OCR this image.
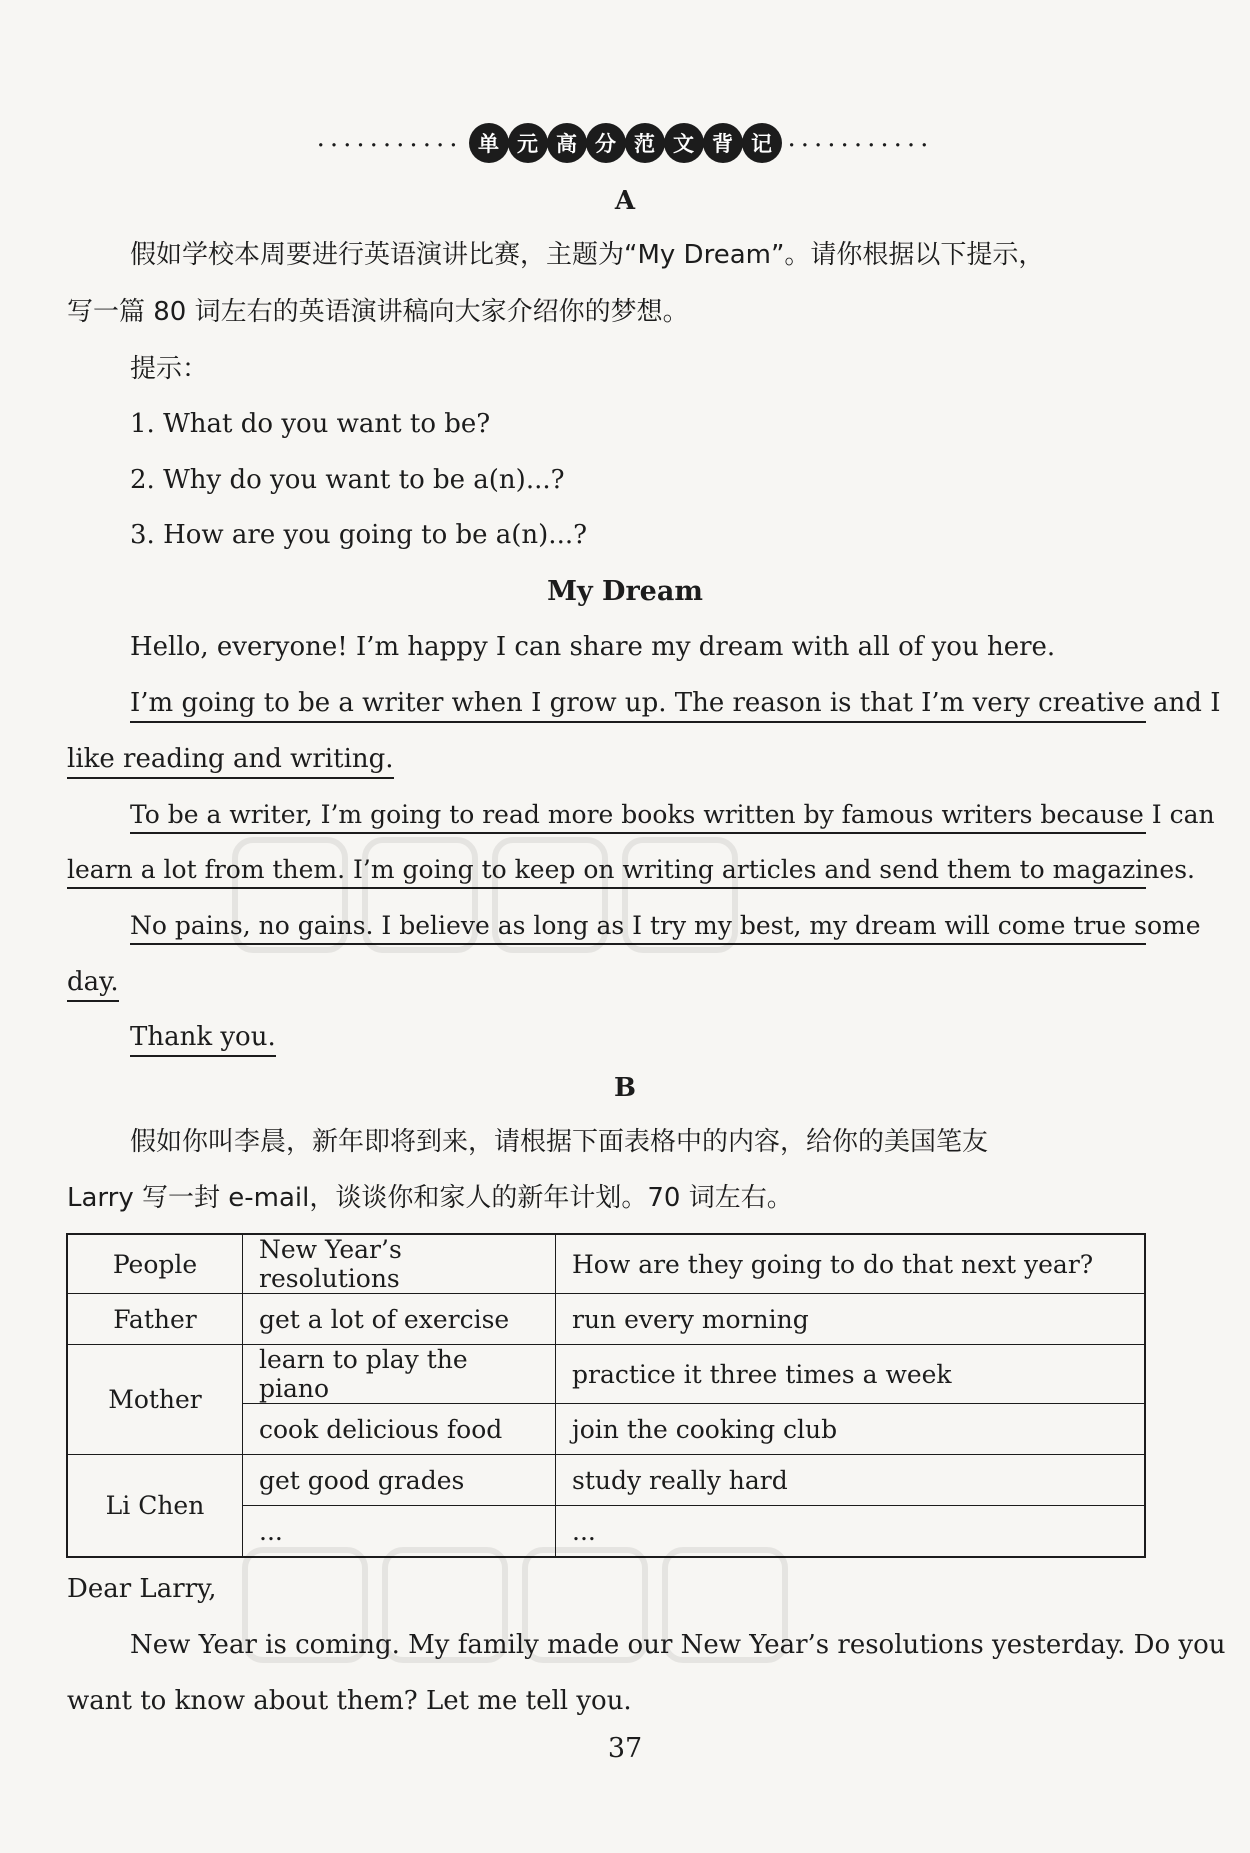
........... 单 元 高 分 范 文 背 记 ...........
A
假如学校本周要进行英语演讲比赛，主题为“My Dream”。请你根据以下提示，
写一篇 80 词左右的英语演讲稿向大家介绍你的梦想。
提示：
1. What do you want to be?
2. Why do you want to be a(n)...?
3. How are you going to be a(n)...?
My Dream
Hello, everyone! I’m happy I can share my dream with all of you here.
I’m going to be a writer when I grow up. The reason is that I’m very creative and I
like reading and writing.
To be a writer, I’m going to read more books written by famous writers because I can
learn a lot from them. I’m going to keep on writing articles and send them to magazines.
No pains, no gains. I believe as long as I try my best, my dream will come true some
day.
Thank you.
B
假如你叫李晨，新年即将到来，请根据下面表格中的内容，给你的美国笔友
Larry 写一封 e-mail，谈谈你和家人的新年计划。70 词左右。
People	New Year’s resolutions	How are they going to do that next year?
Father	get a lot of exercise	run every morning
Mother	learn to play the piano	practice it three times a week
	cook delicious food	join the cooking club
Li Chen	get good grades	study really hard
	...	...
Dear Larry,
New Year is coming. My family made our New Year’s resolutions yesterday. Do you
want to know about them? Let me tell you.
37
